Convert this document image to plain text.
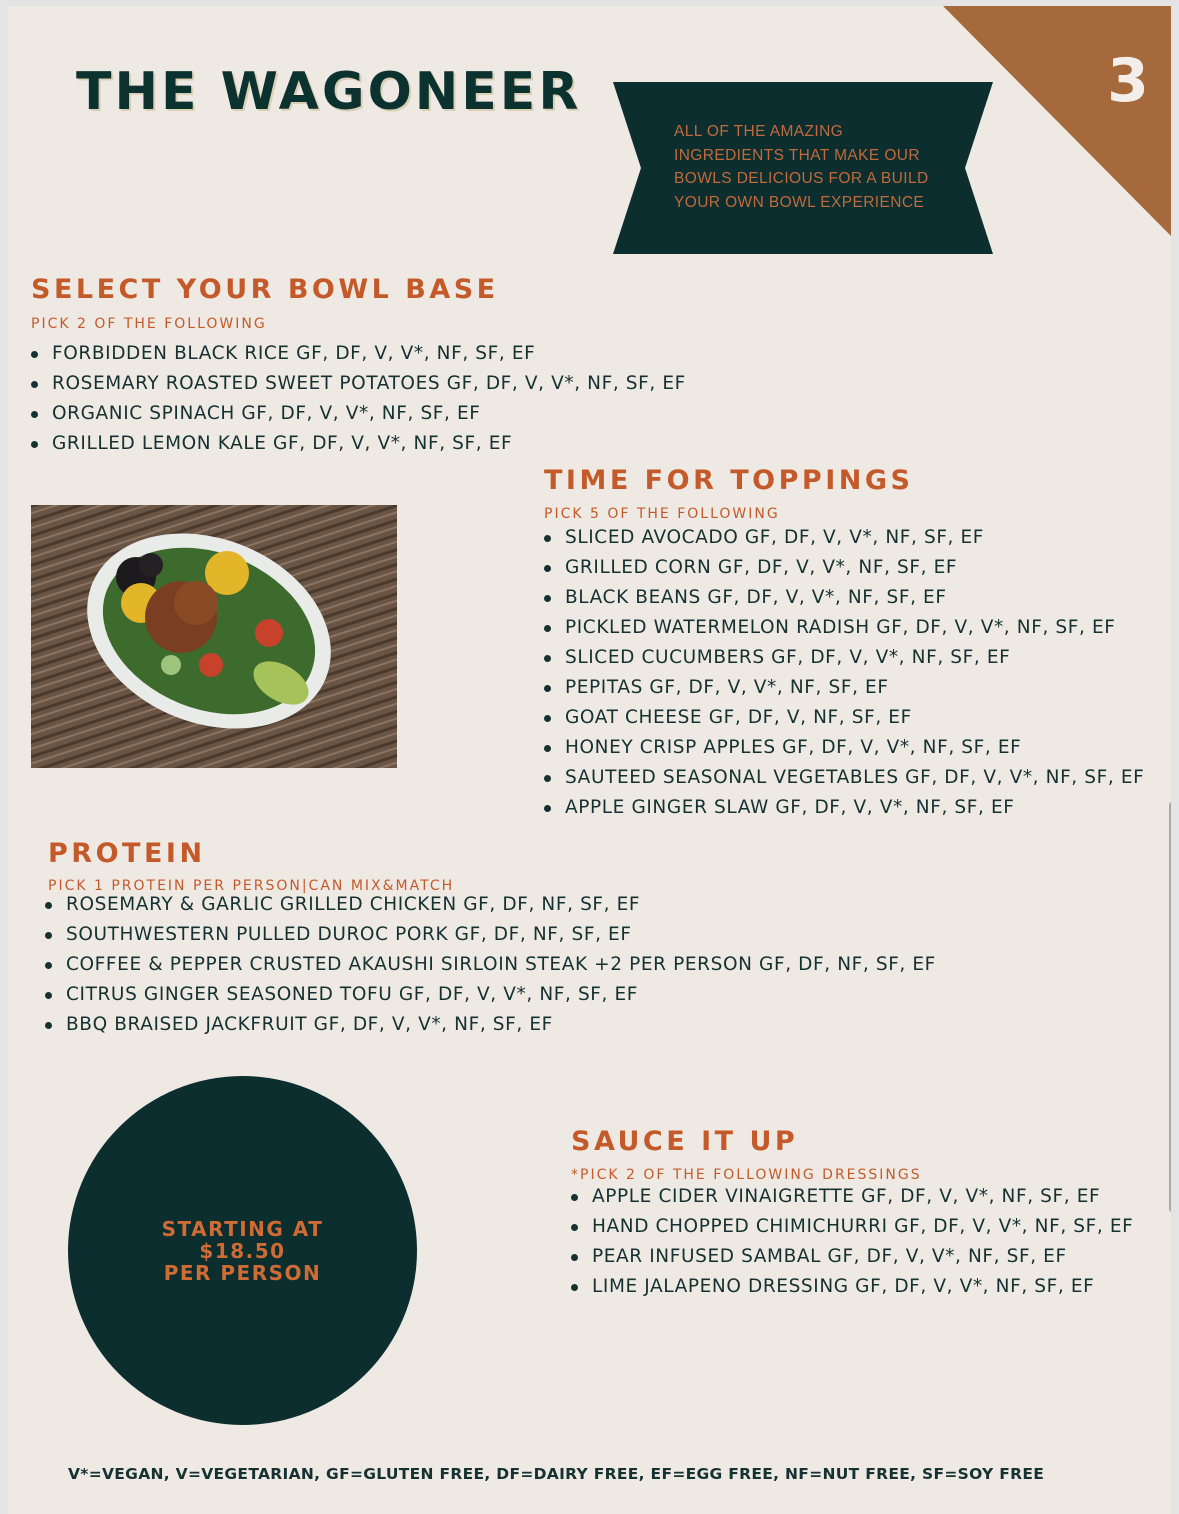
3
THE WAGONEER
ALL OF THE AMAZING INGREDIENTS THAT MAKE OUR BOWLS DELICIOUS FOR A BUILD YOUR OWN BOWL EXPERIENCE
SELECT YOUR BOWL BASE
PICK 2 OF THE FOLLOWING
FORBIDDEN BLACK RICE GF, DF, V, V*, NF, SF, EF
ROSEMARY ROASTED SWEET POTATOES GF, DF, V, V*, NF, SF, EF
ORGANIC SPINACH GF, DF, V, V*, NF, SF, EF
GRILLED LEMON KALE GF, DF, V, V*, NF, SF, EF
TIME FOR TOPPINGS
PICK 5 OF THE FOLLOWING
SLICED AVOCADO GF, DF, V, V*, NF, SF, EF
GRILLED CORN GF, DF, V, V*, NF, SF, EF
BLACK BEANS GF, DF, V, V*, NF, SF, EF
PICKLED WATERMELON RADISH GF, DF, V, V*, NF, SF, EF
SLICED CUCUMBERS GF, DF, V, V*, NF, SF, EF
PEPITAS GF, DF, V, V*, NF, SF, EF
GOAT CHEESE GF, DF, V, NF, SF, EF
HONEY CRISP APPLES GF, DF, V, V*, NF, SF, EF
SAUTEED SEASONAL VEGETABLES GF, DF, V, V*, NF, SF, EF
APPLE GINGER SLAW GF, DF, V, V*, NF, SF, EF
PROTEIN
PICK 1 PROTEIN PER PERSON|CAN MIX&MATCH
ROSEMARY & GARLIC GRILLED CHICKEN GF, DF, NF, SF, EF
SOUTHWESTERN PULLED DUROC PORK GF, DF, NF, SF, EF
COFFEE & PEPPER CRUSTED AKAUSHI SIRLOIN STEAK +2 PER PERSON GF, DF, NF, SF, EF
CITRUS GINGER SEASONED TOFU GF, DF, V, V*, NF, SF, EF
BBQ BRAISED JACKFRUIT GF, DF, V, V*, NF, SF, EF
STARTING AT
$18.50
PER PERSON
SAUCE IT UP
*PICK 2 OF THE FOLLOWING DRESSINGS
APPLE CIDER VINAIGRETTE GF, DF, V, V*, NF, SF, EF
HAND CHOPPED CHIMICHURRI GF, DF, V, V*, NF, SF, EF
PEAR INFUSED SAMBAL GF, DF, V, V*, NF, SF, EF
LIME JALAPENO DRESSING GF, DF, V, V*, NF, SF, EF
V*=VEGAN, V=VEGETARIAN, GF=GLUTEN FREE, DF=DAIRY FREE, EF=EGG FREE, NF=NUT FREE, SF=SOY FREE
